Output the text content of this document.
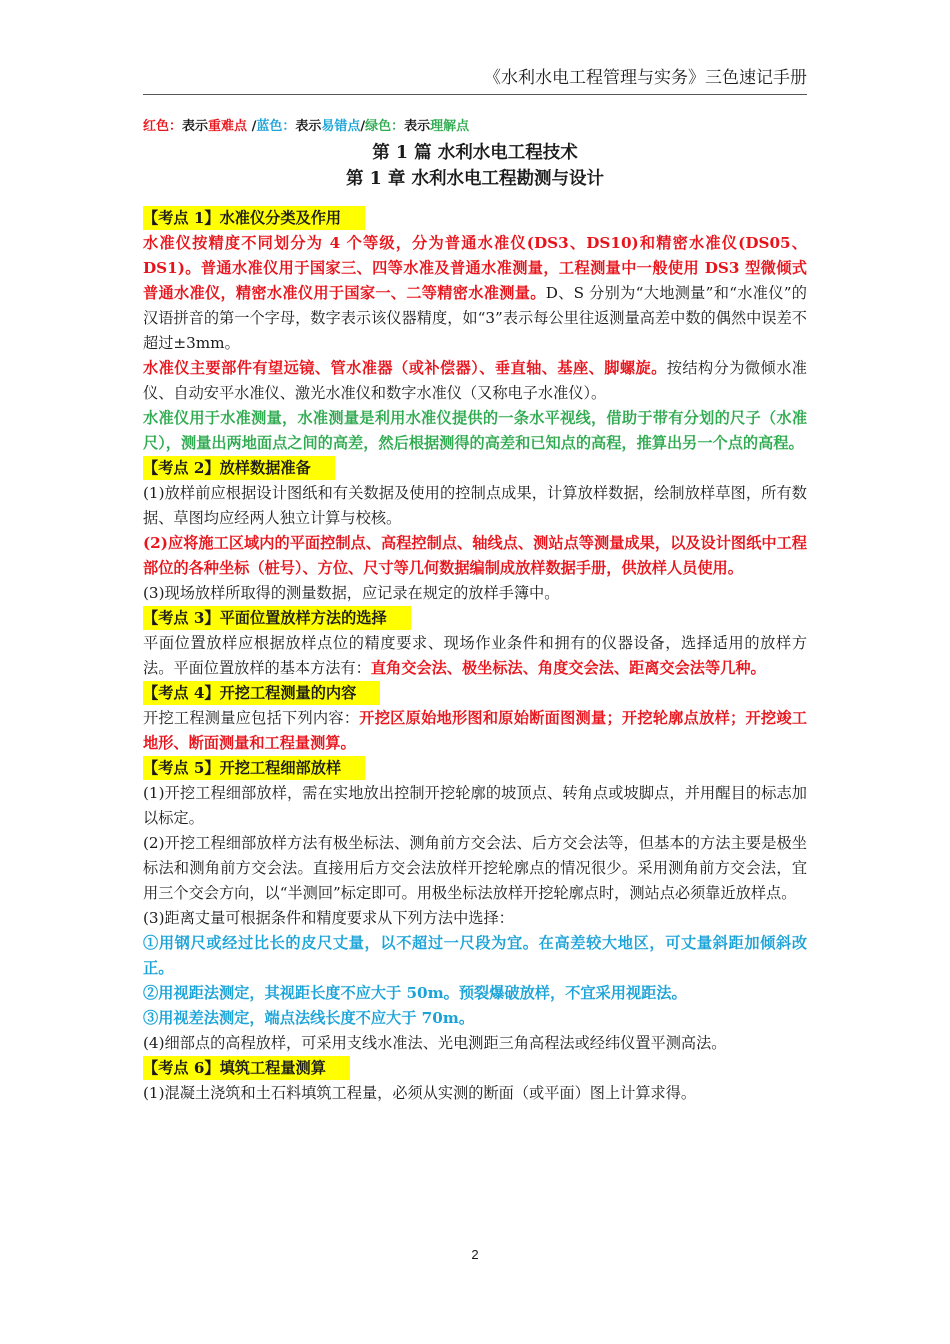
《水利水电工程管理与实务》三色速记手册
红色：表示重难点 /蓝色：表示易错点/绿色：表示理解点
第 1 篇 水利水电工程技术
第 1 章 水利水电工程勘测与设计
【考点 1】水准仪分类及作用

水准仪按精度不同划分为 4 个等级，分为普通水准仪(DS3、DS10)和精密水准仪(DS05、DS1)。普通水准仪用于国家三、四等水准及普通水准测量，工程测量中一般使用 DS3 型微倾式普通水准仪，精密水准仪用于国家一、二等精密水准测量。D、S 分别为“大地测量”和“水准仪”的汉语拼音的第一个字母，数字表示该仪器精度，如“3”表示每公里往返测量高差中数的偶然中误差不超过±3mm。

水准仪主要部件有望远镜、管水准器（或补偿器）、垂直轴、基座、脚螺旋。按结构分为微倾水准仪、自动安平水准仪、激光水准仪和数字水准仪（又称电子水准仪）。

水准仪用于水准测量，水准测量是利用水准仪提供的一条水平视线，借助于带有分划的尺子（水准尺），测量出两地面点之间的高差，然后根据测得的高差和已知点的高程，推算出另一个点的高程。

【考点 2】放样数据准备

(1)放样前应根据设计图纸和有关数据及使用的控制点成果，计算放样数据，绘制放样草图，所有数据、草图均应经两人独立计算与校核。

(2)应将施工区域内的平面控制点、高程控制点、轴线点、测站点等测量成果，以及设计图纸中工程部位的各种坐标（桩号）、方位、尺寸等几何数据编制成放样数据手册，供放样人员使用。

(3)现场放样所取得的测量数据，应记录在规定的放样手簿中。

【考点 3】平面位置放样方法的选择

平面位置放样应根据放样点位的精度要求、现场作业条件和拥有的仪器设备，选择适用的放样方法。平面位置放样的基本方法有：直角交会法、极坐标法、角度交会法、距离交会法等几种。

【考点 4】开挖工程测量的内容

开挖工程测量应包括下列内容：开挖区原始地形图和原始断面图测量；开挖轮廓点放样；开挖竣工地形、断面测量和工程量测算。

【考点 5】开挖工程细部放样

(1)开挖工程细部放样，需在实地放出控制开挖轮廓的坡顶点、转角点或坡脚点，并用醒目的标志加以标定。

(2)开挖工程细部放样方法有极坐标法、测角前方交会法、后方交会法等，但基本的方法主要是极坐标法和测角前方交会法。直接用后方交会法放样开挖轮廓点的情况很少。采用测角前方交会法，宜用三个交会方向，以“半测回”标定即可。用极坐标法放样开挖轮廓点时，测站点必须靠近放样点。

(3)距离丈量可根据条件和精度要求从下列方法中选择：

①用钢尺或经过比长的皮尺丈量，以不超过一尺段为宜。在高差较大地区，可丈量斜距加倾斜改正。

②用视距法测定，其视距长度不应大于 50m。预裂爆破放样，不宜采用视距法。

③用视差法测定，端点法线长度不应大于 70m。

(4)细部点的高程放样，可采用支线水准法、光电测距三角高程法或经纬仪置平测高法。

【考点 6】填筑工程量测算

(1)混凝土浇筑和土石料填筑工程量，必须从实测的断面（或平面）图上计算求得。

2
